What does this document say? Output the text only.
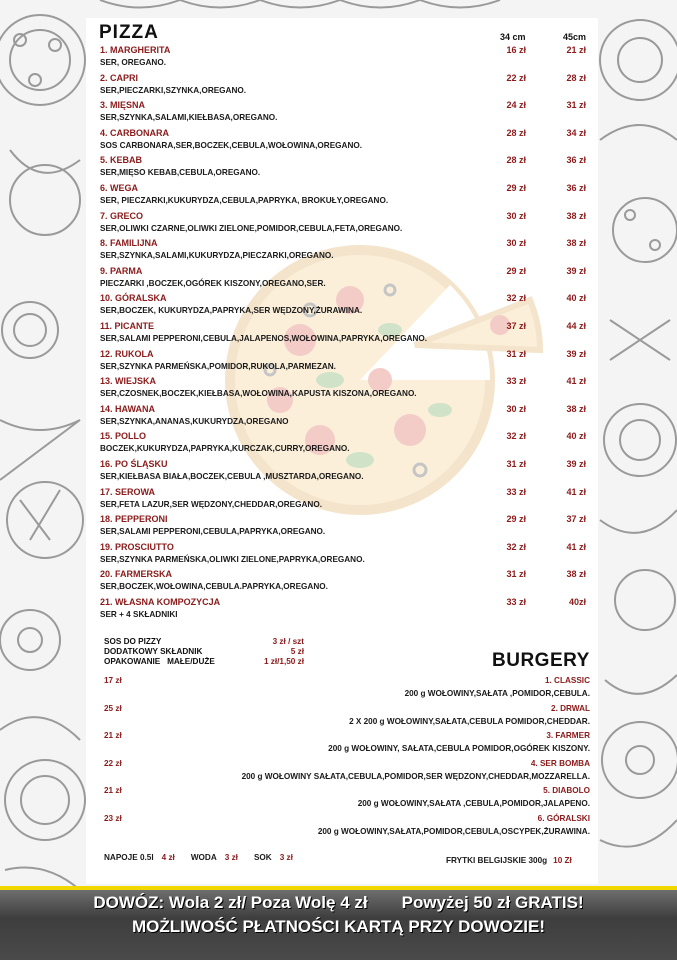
PIZZA	34 cm	45cm
1. MARGHERITA
SER, OREGANO.
16 zł	21 zł
2. CAPRI
SER,PIECZARKI,SZYNKA,OREGANO.
22 zł	28 zł
3. MIĘSNA
SER,SZYNKA,SALAMI,KIEŁBASA,OREGANO.
24 zł	31 zł
4. CARBONARA
SOS CARBONARA,SER,BOCZEK,CEBULA,WOŁOWINA,OREGANO.
28 zł	34 zł
5. KEBAB
SER,MIĘSO KEBAB,CEBULA,OREGANO.
28 zł	36 zł
6. WEGA
SER, PIECZARKI,KUKURYDZA,CEBULA,PAPRYKA, BROKUŁY,OREGANO.
29 zł	36 zł
7. GRECO
SER,OLIWKI CZARNE,OLIWKI ZIELONE,POMIDOR,CEBULA,FETA,OREGANO.
30 zł	38 zł
8. FAMILIJNA
SER,SZYNKA,SALAMI,KUKURYDZA,PIECZARKI,OREGANO.
30 zł	38 zł
9. PARMA
PIECZARKI ,BOCZEK,OGÓREK KISZONY,OREGANO,SER.
29 zł	39 zł
10. GÓRALSKA
SER,BOCZEK, KUKURYDZA,PAPRYKA,SER WĘDZONY,ŻURAWINA.
32 zł	40 zł
11. PICANTE
SER,SALAMI PEPPERONI,CEBULA,JALAPENOS,WOŁOWINA,PAPRYKA,OREGANO.
37 zł	44 zł
12. RUKOLA
SER,SZYNKA PARMEŃSKA,POMIDOR,RUKOLA,PARMEZAN.
31 zł	39 zł
13. WIEJSKA
SER,CZOSNEK,BOCZEK,KIEŁBASA,WOŁOWINA,KAPUSTA KISZONA,OREGANO.
33 zł	41 zł
14. HAWANA
SER,SZYNKA,ANANAS,KUKURYDZA,OREGANO
30 zł	38 zł
15. POLLO
BOCZEK,KUKURYDZA,PAPRYKA,KURCZAK,CURRY,OREGANO.
32 zł	40 zł
16. PO ŚLĄSKU
SER,KIEŁBASA BIAŁA,BOCZEK,CEBULA ,MUSZTARDA,OREGANO.
31 zł	39 zł
17. SEROWA
SER,FETA LAZUR,SER WĘDZONY,CHEDDAR,OREGANO.
33 zł	41 zł
18. PEPPERONI
SER,SALAMI PEPPERONI,CEBULA,PAPRYKA,OREGANO.
29 zł	37 zł
19. PROSCIUTTO
SER,SZYNKA PARMEŃSKA,OLIWKI ZIELONE,PAPRYKA,OREGANO.
32 zł	41 zł
20. FARMERSKA
SER,BOCZEK,WOŁOWINA,CEBULA.PAPRYKA,OREGANO.
31 zł	38 zł
21. WŁASNA KOMPOZYCJA
SER + 4 SKŁADNIKI
33 zł	40zł
SOS DO PIZZY	3 zł / szt
DODATKOWY SKŁADNIK	5 zł
OPAKOWANIE   MAŁE/DUŻE	1 zł/1,50 zł	BURGERY
17 zł	1. CLASSIC
200 g WOŁOWINY,SAŁATA ,POMIDOR,CEBULA.
25 zł	2. DRWAL
2 X 200 g WOŁOWINY,SAŁATA,CEBULA POMIDOR,CHEDDAR.
21 zł	3. FARMER
200 g WOŁOWINY, SAŁATA,CEBULA POMIDOR,OGÓREK KISZONY.
22 zł	4. SER BOMBA
200 g WOŁOWINY SAŁATA,CEBULA,POMIDOR,SER WĘDZONY,CHEDDAR,MOZZARELLA.
21 zł	5. DIABOLO
200 g WOŁOWINY,SAŁATA ,CEBULA,POMIDOR,JALAPENO.
23 zł	6. GÓRALSKI
200 g WOŁOWINY,SAŁATA,POMIDOR,CEBULA,OSCYPEK,ŻURAWINA.
NAPOJE 0.5l 4 zł WODA 3 zł SOK 3 zł	FRYTKI BELGIJSKIE 300g 10 Zł
DOWÓZ: Wola 2 zł/ Poza Wolę 4 zł Powyżej 50 zł GRATIS!
MOŻLIWOŚĆ PŁATNOŚCI KARTĄ PRZY DOWOZIE!
